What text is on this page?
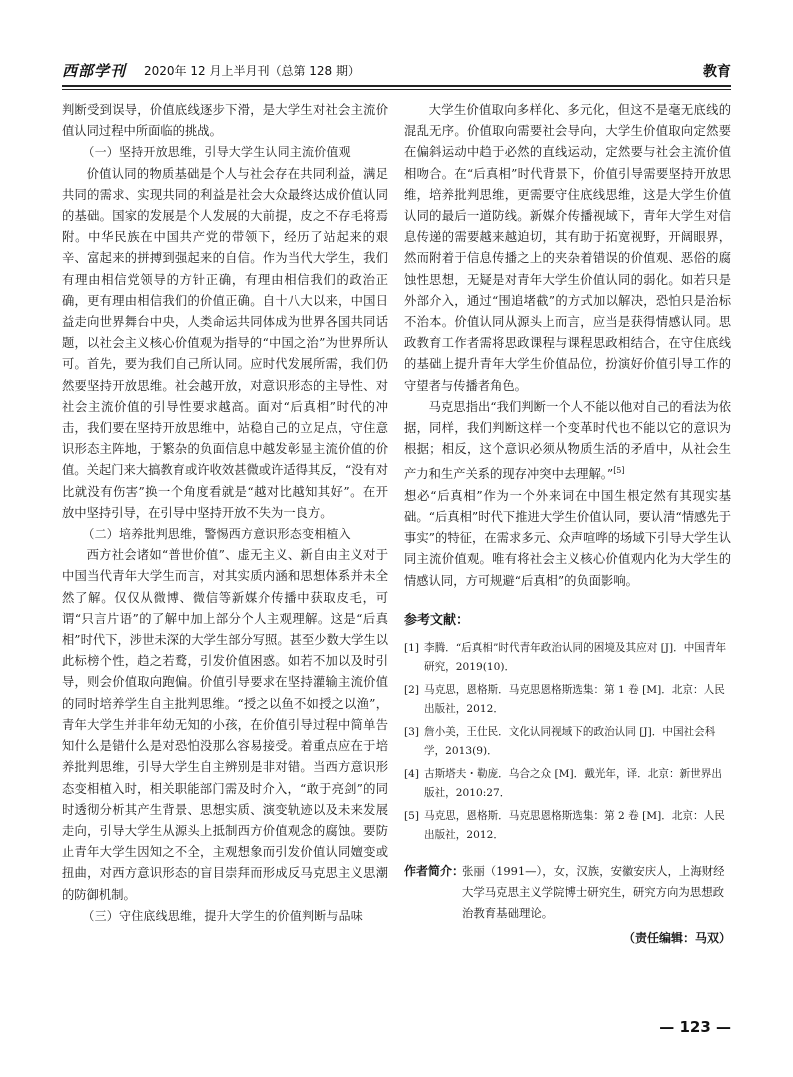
西部学刊 2020年 12 月上半月刊（总第 128 期）	教育

判断受到误导，价值底线逐步下滑，是大学生对社会主流价值认同过程中所面临的挑战。

（一）坚持开放思维，引导大学生认同主流价值观

价值认同的物质基础是个人与社会存在共同利益，满足共同的需求、实现共同的利益是社会大众最终达成价值认同的基础。国家的发展是个人发展的大前提，皮之不存毛将焉附。中华民族在中国共产党的带领下，经历了站起来的艰辛、富起来的拼搏到强起来的自信。作为当代大学生，我们有理由相信党领导的方针正确，有理由相信我们的政治正确，更有理由相信我们的价值正确。自十八大以来，中国日益走向世界舞台中央，人类命运共同体成为世界各国共同话题，以社会主义核心价值观为指导的“中国之治”为世界所认可。首先，要为我们自己所认同。应时代发展所需，我们仍然要坚持开放思维。社会越开放，对意识形态的主导性、对社会主流价值的引导性要求越高。面对“后真相”时代的冲击，我们要在坚持开放思维中，站稳自己的立足点，守住意识形态主阵地，于繁杂的负面信息中越发彰显主流价值的价值。关起门来大搞教育或许收效甚微或许适得其反，“没有对比就没有伤害”换一个角度看就是“越对比越知其好”。在开放中坚持引导，在引导中坚持开放不失为一良方。

（二）培养批判思维，警惕西方意识形态变相植入

西方社会诸如“普世价值”、虚无主义、新自由主义对于中国当代青年大学生而言，对其实质内涵和思想体系并未全然了解。仅仅从微博、微信等新媒介传播中获取皮毛，可谓“只言片语”的了解中加上部分个人主观理解。这是“后真相”时代下，涉世未深的大学生部分写照。甚至少数大学生以此标榜个性，趋之若鹜，引发价值困惑。如若不加以及时引导，则会价值取向跑偏。价值引导要求在坚持灌输主流价值的同时培养学生自主批判思维。“授之以鱼不如授之以渔”，青年大学生并非年幼无知的小孩，在价值引导过程中简单告知什么是错什么是对恐怕没那么容易接受。着重点应在于培养批判思维，引导大学生自主辨别是非对错。当西方意识形态变相植入时，相关职能部门需及时介入，“敢于亮剑”的同时透彻分析其产生背景、思想实质、演变轨迹以及未来发展走向，引导大学生从源头上抵制西方价值观念的腐蚀。要防止青年大学生因知之不全，主观想象而引发价值认同嬗变或扭曲，对西方意识形态的盲目崇拜而形成反马克思主义思潮的防御机制。

（三）守住底线思维，提升大学生的价值判断与品味

大学生价值取向多样化、多元化，但这不是毫无底线的混乱无序。价值取向需要社会导向，大学生价值取向定然要在偏斜运动中趋于必然的直线运动，定然要与社会主流价值相吻合。在“后真相”时代背景下，价值引导需要坚持开放思维，培养批判思维，更需要守住底线思维，这是大学生价值认同的最后一道防线。新媒介传播视域下，青年大学生对信息传递的需要越来越迫切，其有助于拓宽视野，开阔眼界，然而附着于信息传播之上的夹杂着错误的价值观、恶俗的腐蚀性思想，无疑是对青年大学生价值认同的弱化。如若只是外部介入，通过“围追堵截”的方式加以解决，恐怕只是治标不治本。价值认同从源头上而言，应当是获得情感认同。思政教育工作者需将思政课程与课程思政相结合，在守住底线的基础上提升青年大学生价值品位，扮演好价值引导工作的守望者与传播者角色。

马克思指出“我们判断一个人不能以他对自己的看法为依据，同样，我们判断这样一个变革时代也不能以它的意识为根据；相反，这个意识必须从物质生活的矛盾中，从社会生产力和生产关系的现存冲突中去理解。”[5]

想必“后真相”作为一个外来词在中国生根定然有其现实基础。“后真相”时代下推进大学生价值认同，要认清“情感先于事实”的特征，在需求多元、众声喧哗的场域下引导大学生认同主流价值观。唯有将社会主义核心价值观内化为大学生的情感认同，方可规避“后真相”的负面影响。

参考文献：
[1] 李腾．“后真相”时代青年政治认同的困境及其应对 [J]．中国青年研究，2019(10)．
[2] 马克思，恩格斯．马克思恩格斯选集：第 1 卷 [M]．北京：人民出版社，2012．
[3] 詹小美，王仕民．文化认同视域下的政治认同 [J]．中国社会科学，2013(9)．
[4] 古斯塔夫・勒庞．乌合之众 [M]．戴光年，译．北京：新世界出版社，2010:27．
[5] 马克思，恩格斯．马克思恩格斯选集：第 2 卷 [M]．北京：人民出版社，2012．
作者简介：
张丽（1991—），女，汉族，安徽安庆人，上海财经大学马克思主义学院博士研究生，研究方向为思想政治教育基础理论。
（责任编辑：马双）
— 123 —
